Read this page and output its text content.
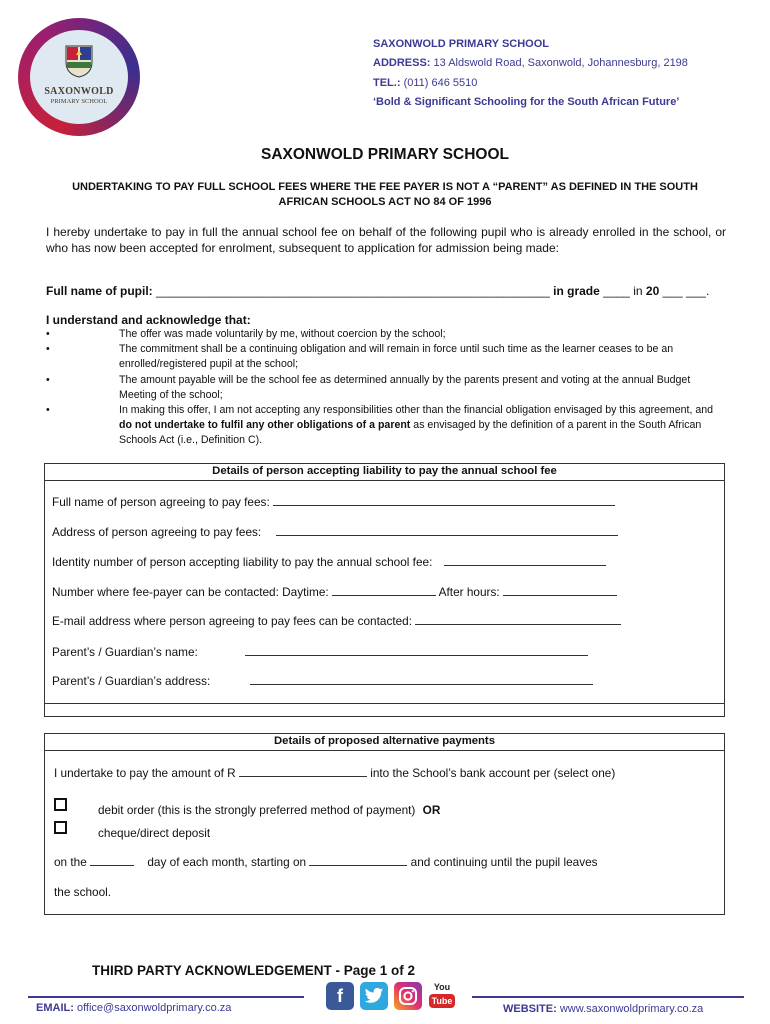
SAXONWOLD
PRIMARY SCHOOL
SAXONWOLD PRIMARY SCHOOL
ADDRESS: 13 Aldswold Road, Saxonwold, Johannesburg, 2198
TEL.: (011) 646 5510
‘Bold & Significant Schooling for the South African Future’
SAXONWOLD PRIMARY SCHOOL
UNDERTAKING TO PAY FULL SCHOOL FEES WHERE THE FEE PAYER IS NOT A “PARENT” AS DEFINED IN THE SOUTH AFRICAN SCHOOLS ACT NO 84 OF 1996
I hereby undertake to pay in full the annual school fee on behalf of the following pupil who is already enrolled in the school, or who has now been accepted for enrolment, subsequent to application for admission being made:
Full name of pupil: ___________________________________________________________ in grade ____ in 20 ___ ___.
I understand and acknowledge that:
•	The offer was made voluntarily by me, without coercion by the school;
•	The commitment shall be a continuing obligation and will remain in force until such time as the learner ceases to be an enrolled/registered pupil at the school;
•	The amount payable will be the school fee as determined annually by the parents present and voting at the annual Budget Meeting of the school;
•	In making this offer, I am not accepting any responsibilities other than the financial obligation envisaged by this agreement, and do not undertake to fulfil any other obligations of a parent as envisaged by the definition of a parent in the South African Schools Act (i.e., Definition C).
Details of person accepting liability to pay the annual school fee
Full name of person agreeing to pay fees:
Address of person agreeing to pay fees:
Identity number of person accepting liability to pay the annual school fee:
Number where fee-payer can be contacted: Daytime:	After hours:
E-mail address where person agreeing to pay fees can be contacted:
Parent’s / Guardian’s name:
Parent’s / Guardian’s address:
Details of proposed alternative payments
I undertake to pay the amount of R	into the School’s bank account per (select one)
debit order (this is the strongly preferred method of payment) OR
cheque/direct deposit
on the	day of each month, starting on	and continuing until the pupil leaves
the school.
THIRD PARTY ACKNOWLEDGEMENT - Page 1 of 2
EMAIL: office@saxonwoldprimary.co.za	WEBSITE: www.saxonwoldprimary.co.za
f	You
Tube
